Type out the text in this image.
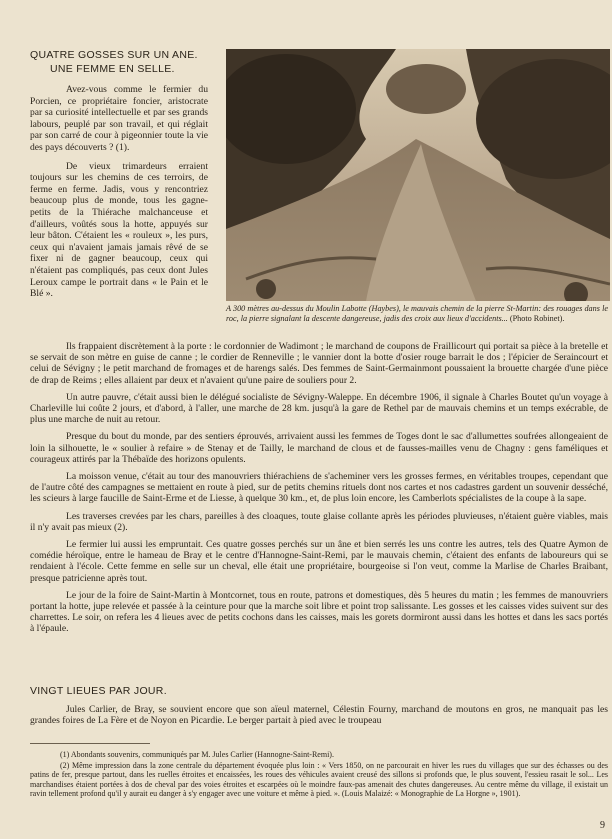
QUATRE GOSSES SUR UN ANE.
UNE FEMME EN SELLE.

Avez-vous comme le fermier du Porcien, ce propriétaire foncier, aristocrate par sa curiosité intellectuelle et par ses grands labours, peuplé par son travail, et qui réglait par son carré de cour à pigeonnier toute la vie des pays découverts ? (1).

De vieux trimardeurs erraient toujours sur les chemins de ces terroirs, de ferme en ferme. Jadis, vous y rencontriez beaucoup plus de monde, tous les gagne-petits de la Thiérache malchanceuse et d'ailleurs, voûtés sous la hotte, appuyés sur leur bâton. C'étaient les « rouleux », les purs, ceux qui n'avaient jamais jamais rêvé de se fixer ni de gagner beaucoup, ceux qui n'étaient pas compliqués, pas ceux dont Jules Leroux campe le portrait dans « le Pain et le Blé ».

A 300 mètres au-dessus du Moulin Labotte (Haybes), le mauvais chemin de la pierre St-Martin: des rouages dans le roc, la pierre signalant la descente dangereuse, jadis des croix aux lieux d'accidents... (Photo Robinet).

Ils frappaient discrètement à la porte : le cordonnier de Wadimont ; le marchand de coupons de Fraillicourt qui portait sa pièce à la bretelle et se servait de son mètre en guise de canne ; le cordier de Renneville ; le vannier dont la botte d'osier rouge barrait le dos ; l'épicier de Seraincourt et celui de Sévigny ; le petit marchand de fromages et de harengs salés. Des femmes de Saint-Germainmont poussaient la brouette chargée d'une pièce de drap de Reims ; elles allaient par deux et n'avaient qu'une paire de souliers pour 2.

Un autre pauvre, c'était aussi bien le délégué socialiste de Sévigny-Waleppe. En décembre 1906, il signale à Charles Boutet qu'un voyage à Charleville lui coûte 2 jours, et d'abord, à l'aller, une marche de 28 km. jusqu'à la gare de Rethel par de mauvais chemins et un temps exécrable, de plus une marche de nuit au retour.

Presque du bout du monde, par des sentiers éprouvés, arrivaient aussi les femmes de Toges dont le sac d'allumettes soufrées allongeaient de loin la silhouette, le « soulier à refaire » de Stenay et de Tailly, le marchand de clous et de fausses-mailles venu de Chagny : gens faméliques et courageux attirés par la Thébaïde des horizons opulents.

La moisson venue, c'était au tour des manouvriers thiérachiens de s'acheminer vers les grosses fermes, en véritables troupes, cependant que de l'autre côté des campagnes se mettaient en route à pied, sur de petits chemins rituels dont nos cartes et nos cadastres gardent un souvenir desséché, les scieurs à large faucille de Saint-Erme et de Liesse, à quelque 30 km., et, de plus loin encore, les Camberlots spécialistes de la coupe à la sape.

Les traverses crevées par les chars, pareilles à des cloaques, toute glaise collante après les périodes pluvieuses, n'étaient guère viables, mais il n'y avait pas mieux (2).

Le fermier lui aussi les empruntait. Ces quatre gosses perchés sur un âne et bien serrés les uns contre les autres, tels des Quatre Aymon de comédie héroïque, entre le hameau de Bray et le centre d'Hannogne-Saint-Remi, par le mauvais chemin, c'étaient des enfants de laboureurs qui se rendaient à l'école. Cette femme en selle sur un cheval, elle était une propriétaire, bourgeoise si l'on veut, comme la Marlise de Charles Braibant, presque patricienne après tout.

Le jour de la foire de Saint-Martin à Montcornet, tous en route, patrons et domestiques, dès 5 heures du matin ; les femmes de manouvriers portant la hotte, jupe relevée et passée à la ceinture pour que la marche soit libre et point trop salissante. Les gosses et les caisses vides suivent sur des charrettes. Le soir, on refera les 4 lieues avec de petits cochons dans les caisses, mais les gorets dormiront aussi dans les hottes et dans les sacs portés à l'épaule.

VINGT LIEUES PAR JOUR.

Jules Carlier, de Bray, se souvient encore que son aïeul maternel, Célestin Fourny, marchand de moutons en gros, ne manquait pas les grandes foires de La Fère et de Noyon en Picardie. Le berger partait à pied avec le troupeau

(1) Abondants souvenirs, communiqués par M. Jules Carlier (Hannogne-Saint-Remi).

(2) Même impression dans la zone centrale du département évoquée plus loin : « Vers 1850, on ne parcourait en hiver les rues du villages que sur des échasses ou des patins de fer, presque partout, dans les ruelles étroites et encaissées, les roues des véhicules avaient creusé des sillons si profonds que, le plus souvent, l'essieu rasait le sol... Les marchandises étaient portées à dos de cheval par des voies étroites et escarpées où le moindre faux-pas amenait des chutes dangereuses. Au centre même du village, il existait un ravin tellement profond qu'il y aurait eu danger à s'y engager avec une voiture et même à pied. ». (Louis Malaizé: « Monographie de La Horgne », 1901).

9
